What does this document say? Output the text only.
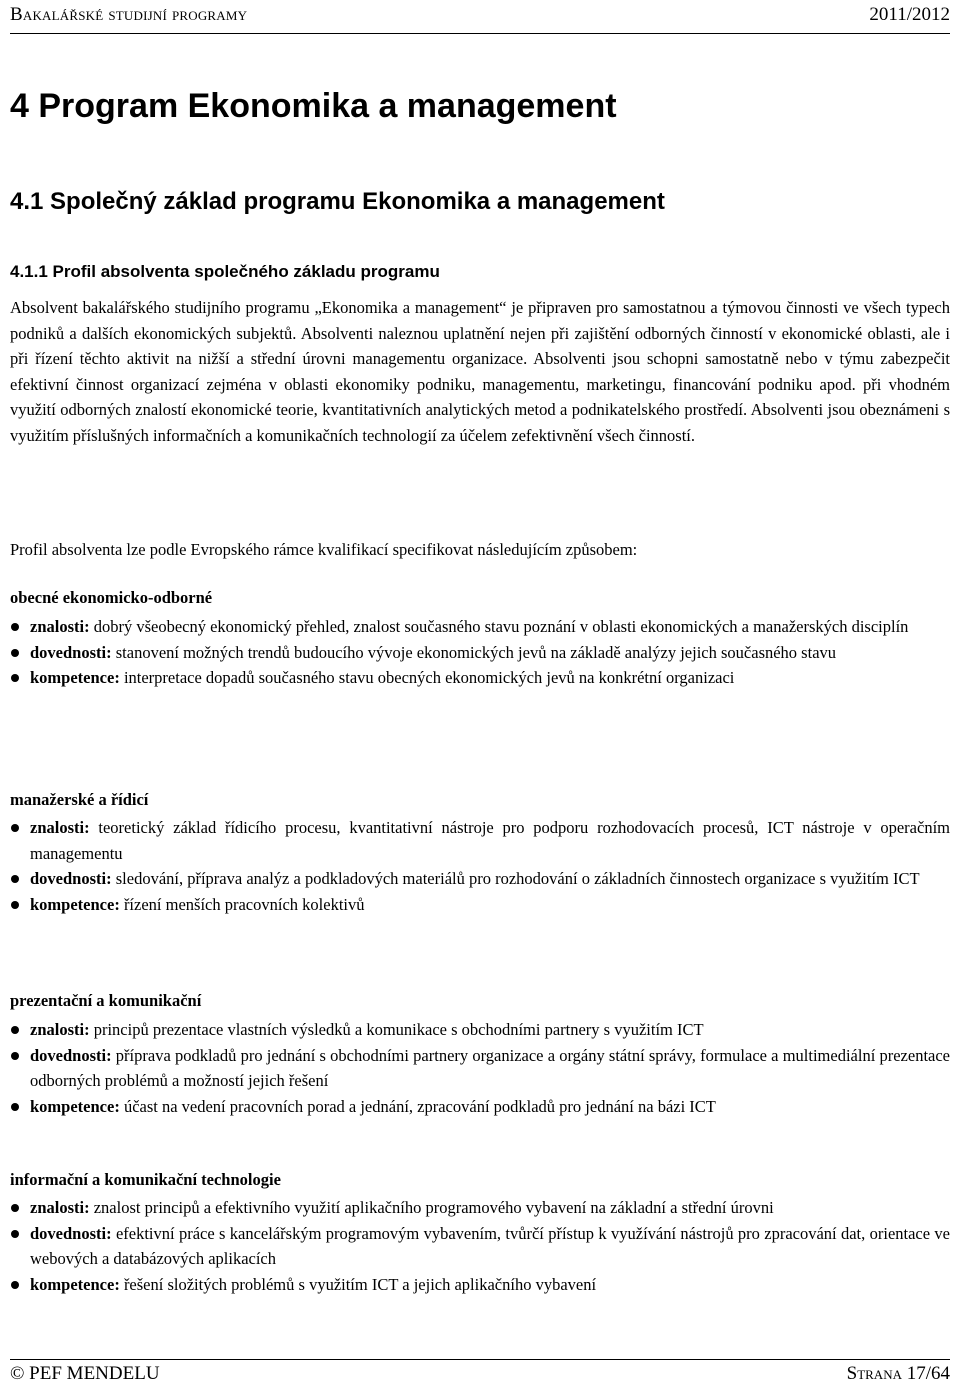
Bakalářské studijní programy	2011/2012
4 Program Ekonomika a management
4.1 Společný základ programu Ekonomika a management
4.1.1 Profil absolventa společného základu programu

Absolvent bakalářského studijního programu „Ekonomika a management“ je připraven pro samostatnou a týmovou činnosti ve všech typech podniků a dalších ekonomických subjektů. Absolventi naleznou uplatnění nejen při zajištění odborných činností v ekonomické oblasti, ale i při řízení těchto aktivit na nižší a střední úrovni managementu organizace. Absolventi jsou schopni samostatně nebo v týmu zabezpečit efektivní činnost organizací zejména v oblasti ekonomiky podniku, managementu, marketingu, financování podniku apod. při vhodném využití odborných znalostí ekonomické teorie, kvantitativních analytických metod a podnikatelského prostředí. Absolventi jsou obeznámeni s využitím příslušných informačních a komunikačních technologií za účelem zefektivnění všech činností.

Profil absolventa lze podle Evropského rámce kvalifikací specifikovat následujícím způsobem:

obecné ekonomicko-odborné
znalosti: dobrý všeobecný ekonomický přehled, znalost současného stavu poznání v oblasti ekonomických a manažerských disciplín
dovednosti: stanovení možných trendů budoucího vývoje ekonomických jevů na základě analýzy jejich současného stavu
kompetence: interpretace dopadů současného stavu obecných ekonomických jevů na konkrétní organizaci
manažerské a řídicí
znalosti: teoretický základ řídicího procesu, kvantitativní nástroje pro podporu rozhodovacích procesů, ICT nástroje v operačním managementu
dovednosti: sledování, příprava analýz a podkladových materiálů pro rozhodování o základních činnostech organizace s využitím ICT
kompetence: řízení menších pracovních kolektivů
prezentační a komunikační
znalosti: principů prezentace vlastních výsledků a komunikace s obchodními partnery s využitím ICT
dovednosti: příprava podkladů pro jednání s obchodními partnery organizace a orgány státní správy, formulace a multimediální prezentace odborných problémů a možností jejich řešení
kompetence: účast na vedení pracovních porad a jednání, zpracování podkladů pro jednání na bázi ICT
informační a komunikační technologie
znalosti: znalost principů a efektivního využití aplikačního programového vybavení na základní a střední úrovni
dovednosti: efektivní práce s kancelářským programovým vybavením, tvůrčí přístup k využívání nástrojů pro zpracování dat, orientace ve webových a databázových aplikacích
kompetence: řešení složitých problémů s využitím ICT a jejich aplikačního vybavení
© PEF MENDELU	Strana 17/64
